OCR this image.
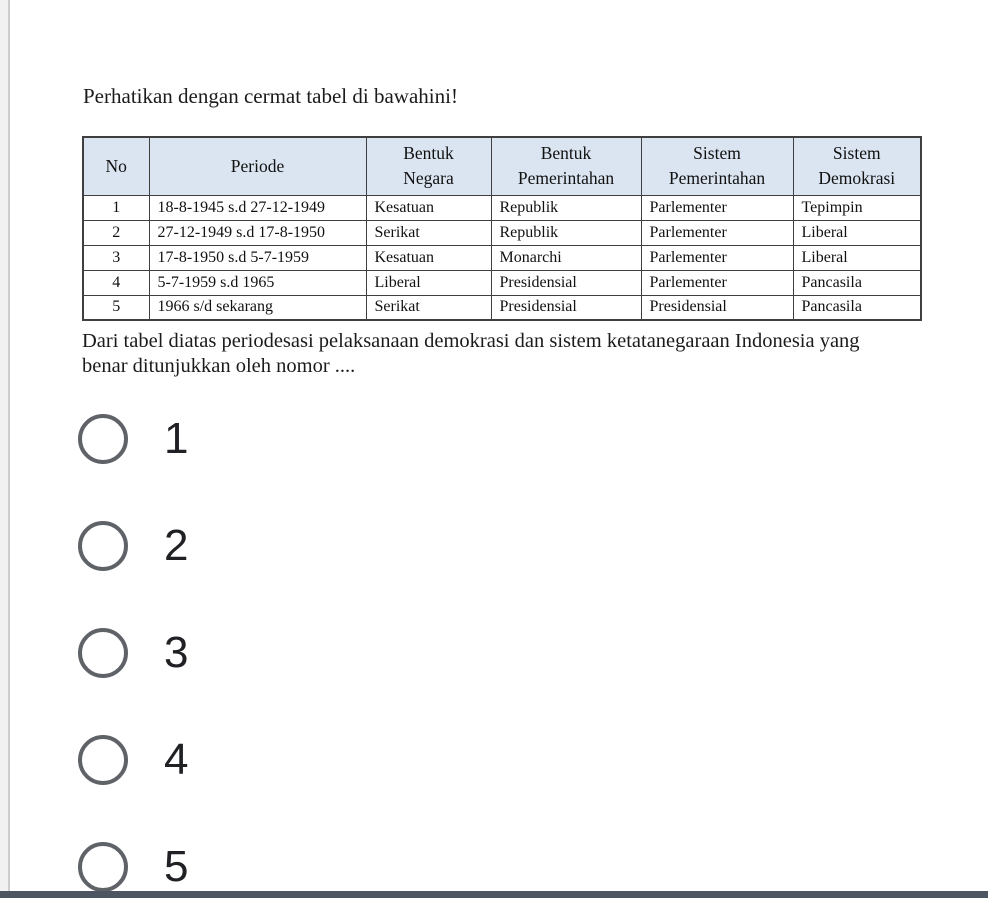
Perhatikan dengan cermat tabel di bawahini!

No	Periode	Bentuk Negara	Bentuk Pemerintahan	Sistem Pemerintahan	Sistem Demokrasi

1	18-8-1945 s.d 27-12-1949	Kesatuan	Republik	Parlementer	Tepimpin
2	27-12-1949 s.d 17-8-1950	Serikat	Republik	Parlementer	Liberal
3	17-8-1950 s.d 5-7-1959	Kesatuan	Monarchi	Parlementer	Liberal
4	5-7-1959 s.d 1965	Liberal	Presidensial	Parlementer	Pancasila
5	1966 s/d sekarang	Serikat	Presidensial	Presidensial	Pancasila

Dari tabel diatas periodesasi pelaksanaan demokrasi dan sistem ketatanegaraan Indonesia yang benar ditunjukkan oleh nomor ....

1
2
3
4
5
